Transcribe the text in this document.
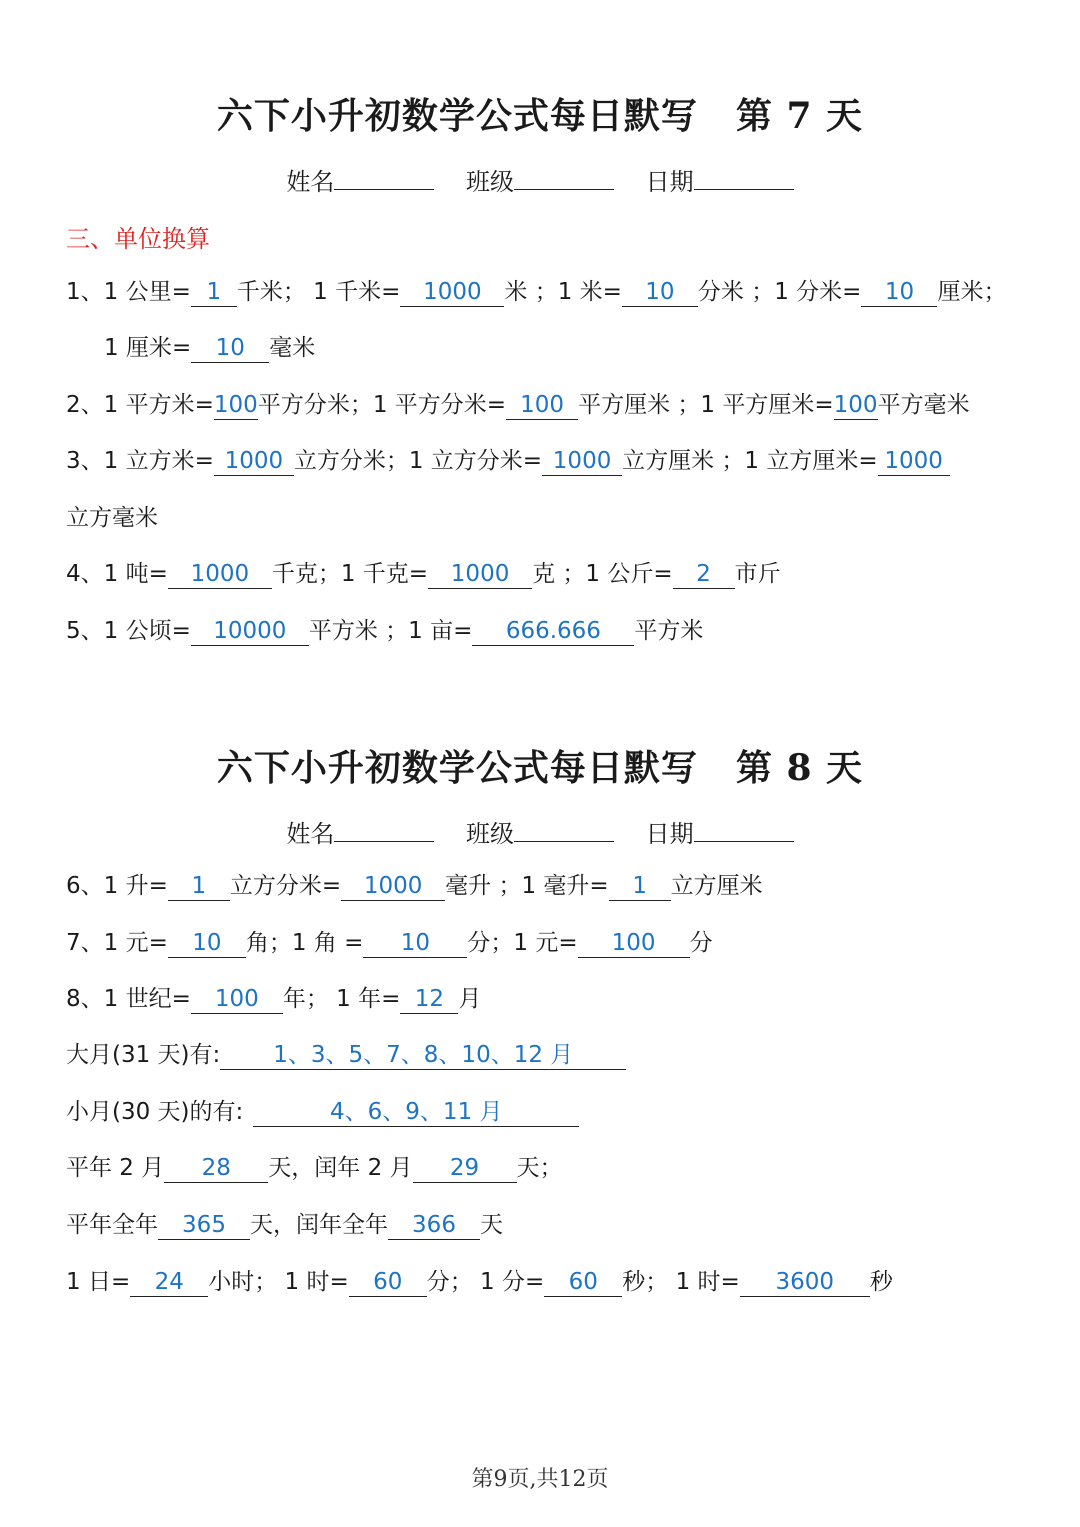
六下小升初数学公式每日默写 第 7 天
姓名	班级	日期
三、单位换算
1、1 公里= 1 千米； 1 千米= 1000 米 ；1 米= 10 分米 ；1 分米= 10 厘米；
1 厘米= 10 毫米
2、1 平方米=100平方分米；1 平方分米= 100 平方厘米 ；1 平方厘米=100平方毫米
3、1 立方米= 1000 立方分米；1 立方分米= 1000 立方厘米 ；1 立方厘米= 1000
立方毫米
4、1 吨= 1000 千克；1 千克= 1000 克 ；1 公斤= 2 市斤
5、1 公顷= 10000 平方米 ；1 亩= 666.666 平方米
六下小升初数学公式每日默写 第 8 天
姓名	班级	日期
6、1 升= 1 立方分米= 1000 毫升 ；1 毫升= 1 立方厘米
7、1 元= 10 角；1 角 = 10 分；1 元= 100 分
8、1 世纪= 100 年； 1 年= 12 月
大月(31 天)有: 1、3、5、7、8、10、12 月
小月(30 天)的有:	4、6、9、11 月
平年 2 月 28 天，闰年 2 月 29 天；
平年全年 365 天，闰年全年 366 天
1 日= 24 小时； 1 时= 60 分； 1 分= 60 秒； 1 时= 3600 秒
第9页,共12页
